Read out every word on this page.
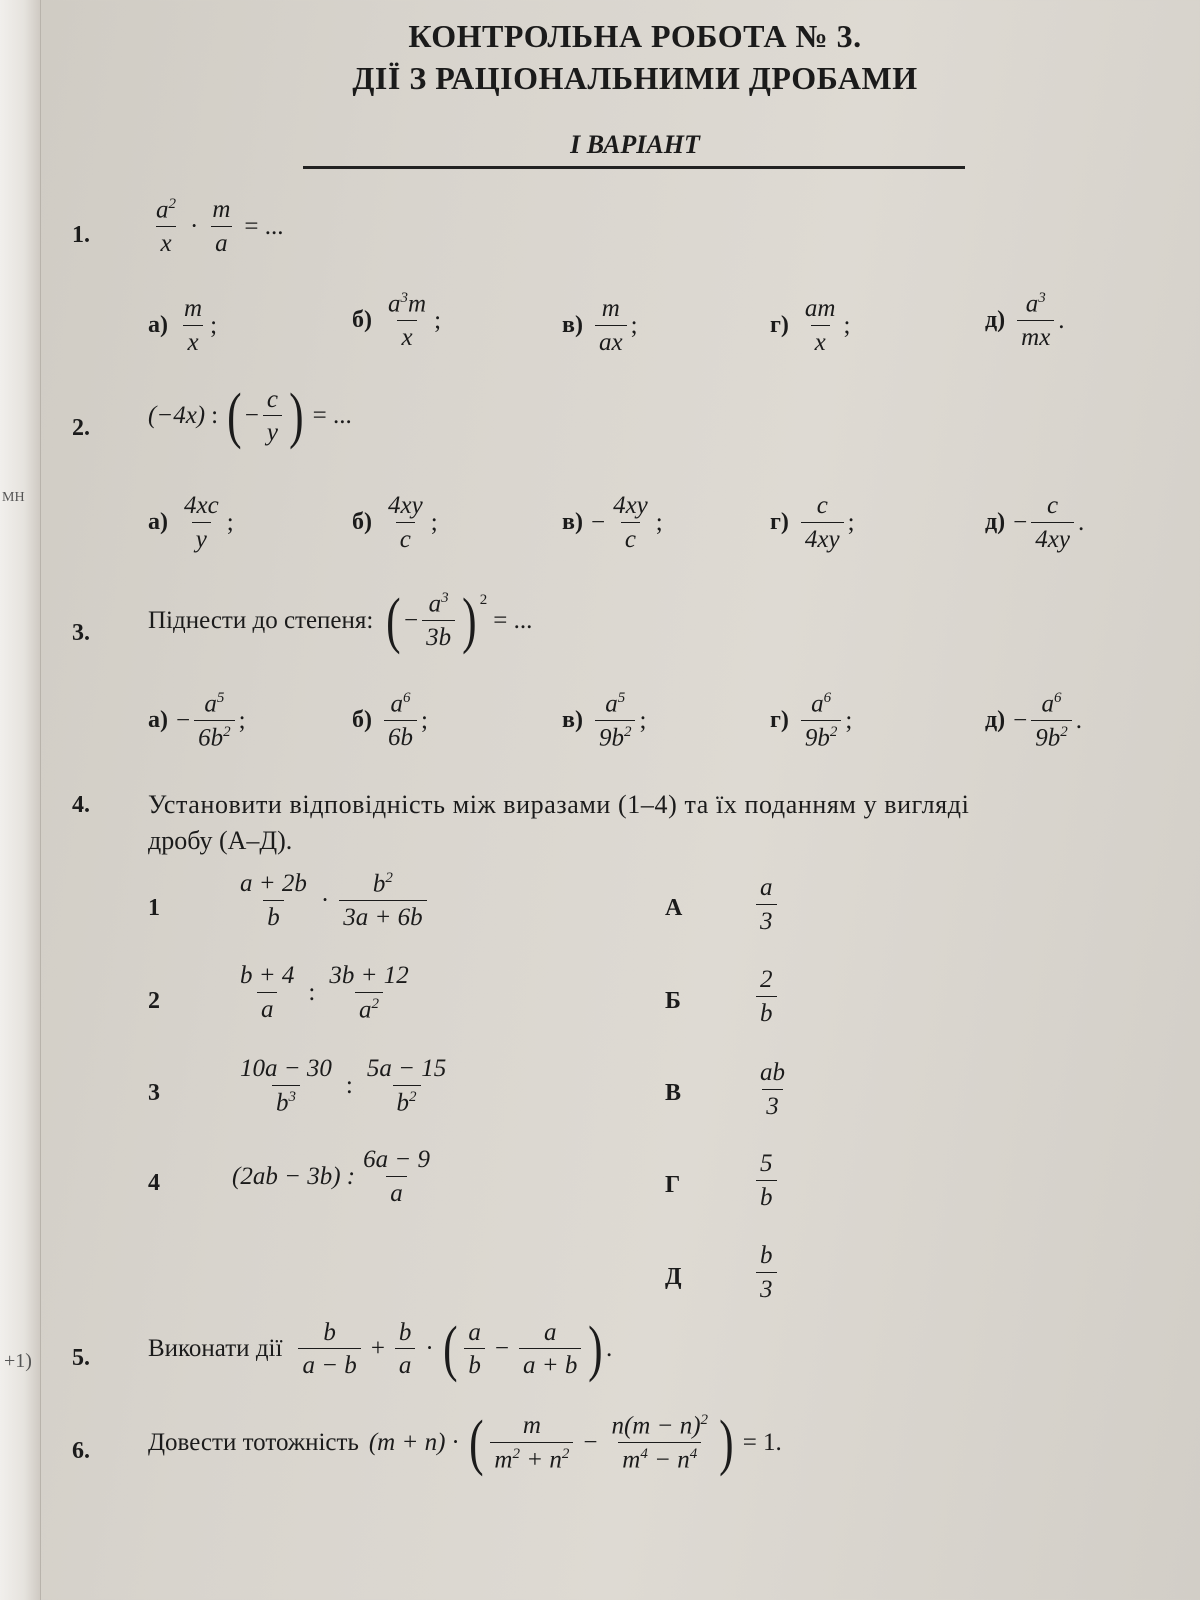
МН
+1)
КОНТРОЛЬНА РОБОТА № 3.
ДІЇ З РАЦІОНАЛЬНИМИ ДРОБАМИ
I ВАРІАНТ
1. $\frac{a^2}{x} \cdot \frac{m}{a}$ = ...
$а) \frac{m}{x}$ ;	$б) \frac{a^3m}{x}$ ;	$в) \frac{m}{ax}$ ;	$г) \frac{am}{x}$ ;	$д) \frac{a^3}{mx}$ .
2. (−4x) : ( − $\frac{c}{y}$ ) = ...
$а) \frac{4xc}{y}$ ;	$б) \frac{4xy}{c}$ ;	$в) - \frac{4xy}{c}$ ;	$г) \frac{c}{4xy}$ ;	$д) - \frac{c}{4xy}$ .
3. Піднести до степеня: ( − $\frac{a^3}{3b} )^2$
= ...
$а) - \frac{a^5}{6b^2}$ ;	$б) \frac{a^6}{6b}$ ;	$в) \frac{a^5}{9b^2}$ ;	$г) \frac{a^6}{9b^2}$ ;	$д) - \frac{a^6}{9b^2}$ .
4. Установити відповідність між виразами (1–4) та їх поданням у вигляді
дробу (А–Д).
1	$\frac{a + 2b}{b} \cdot \frac{b^2}{3a + 6b}$
2	$\frac{b + 4}{a}$ : $\frac{3b + 12}{a^2}$
3	$\frac{10a - 30}{b^3}$ : $\frac{5a - 15}{b^2}$
4	(2ab − 3b) : $\frac{6a - 9}{a}$
А	$\frac{a}{3}$
Б	$\frac{2}{b}$
В	$\frac{ab}{3}$
Г	$\frac{5}{b}$
Д	$\frac{b}{3}$
5. Виконати дії $\frac{b}{a - b} + \frac{b}{a}$ · ( $\frac{a}{b} - \frac{a}{a + b}$ ) .
6. Довести тотожність (m + n) · ( $\frac{m}{m^2 + n^2} - \frac{n(m - n)^2}{m^4 - n^4}$ ) = 1.
